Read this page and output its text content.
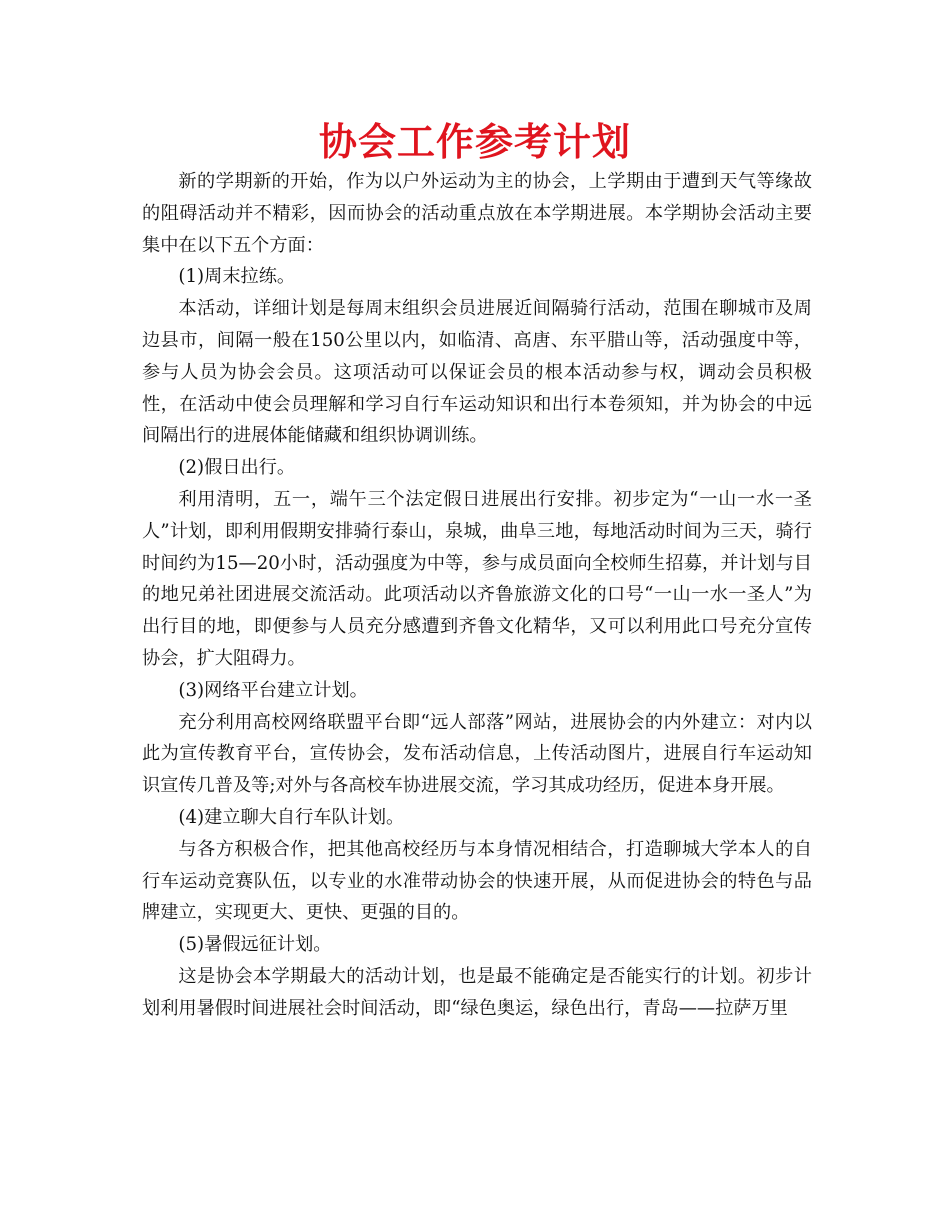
协会工作参考计划

新的学期新的开始，作为以户外运动为主的协会，上学期由于遭到天气等缘故的阻碍活动并不精彩，因而协会的活动重点放在本学期进展。本学期协会活动主要集中在以下五个方面：

(1)周末拉练。

本活动，详细计划是每周末组织会员进展近间隔骑行活动，范围在聊城市及周边县市，间隔一般在150公里以内，如临清、高唐、东平腊山等，活动强度中等，参与人员为协会会员。这项活动可以保证会员的根本活动参与权，调动会员积极性，在活动中使会员理解和学习自行车运动知识和出行本卷须知，并为协会的中远间隔出行的进展体能储藏和组织协调训练。

(2)假日出行。

利用清明，五一，端午三个法定假日进展出行安排。初步定为“一山一水一圣人”计划，即利用假期安排骑行泰山，泉城，曲阜三地，每地活动时间为三天，骑行时间约为15—20小时，活动强度为中等，参与成员面向全校师生招募，并计划与目的地兄弟社团进展交流活动。此项活动以齐鲁旅游文化的口号“一山一水一圣人”为出行目的地，即便参与人员充分感遭到齐鲁文化精华，又可以利用此口号充分宣传协会，扩大阻碍力。

(3)网络平台建立计划。

充分利用高校网络联盟平台即“远人部落”网站，进展协会的内外建立：对内以此为宣传教育平台，宣传协会，发布活动信息，上传活动图片，进展自行车运动知识宣传几普及等;对外与各高校车协进展交流，学习其成功经历，促进本身开展。

(4)建立聊大自行车队计划。

与各方积极合作，把其他高校经历与本身情况相结合，打造聊城大学本人的自行车运动竞赛队伍，以专业的水准带动协会的快速开展，从而促进协会的特色与品牌建立，实现更大、更快、更强的目的。

(5)暑假远征计划。

这是协会本学期最大的活动计划，也是最不能确定是否能实行的计划。初步计划利用暑假时间进展社会时间活动，即“绿色奥运，绿色出行，青岛——拉萨万里
